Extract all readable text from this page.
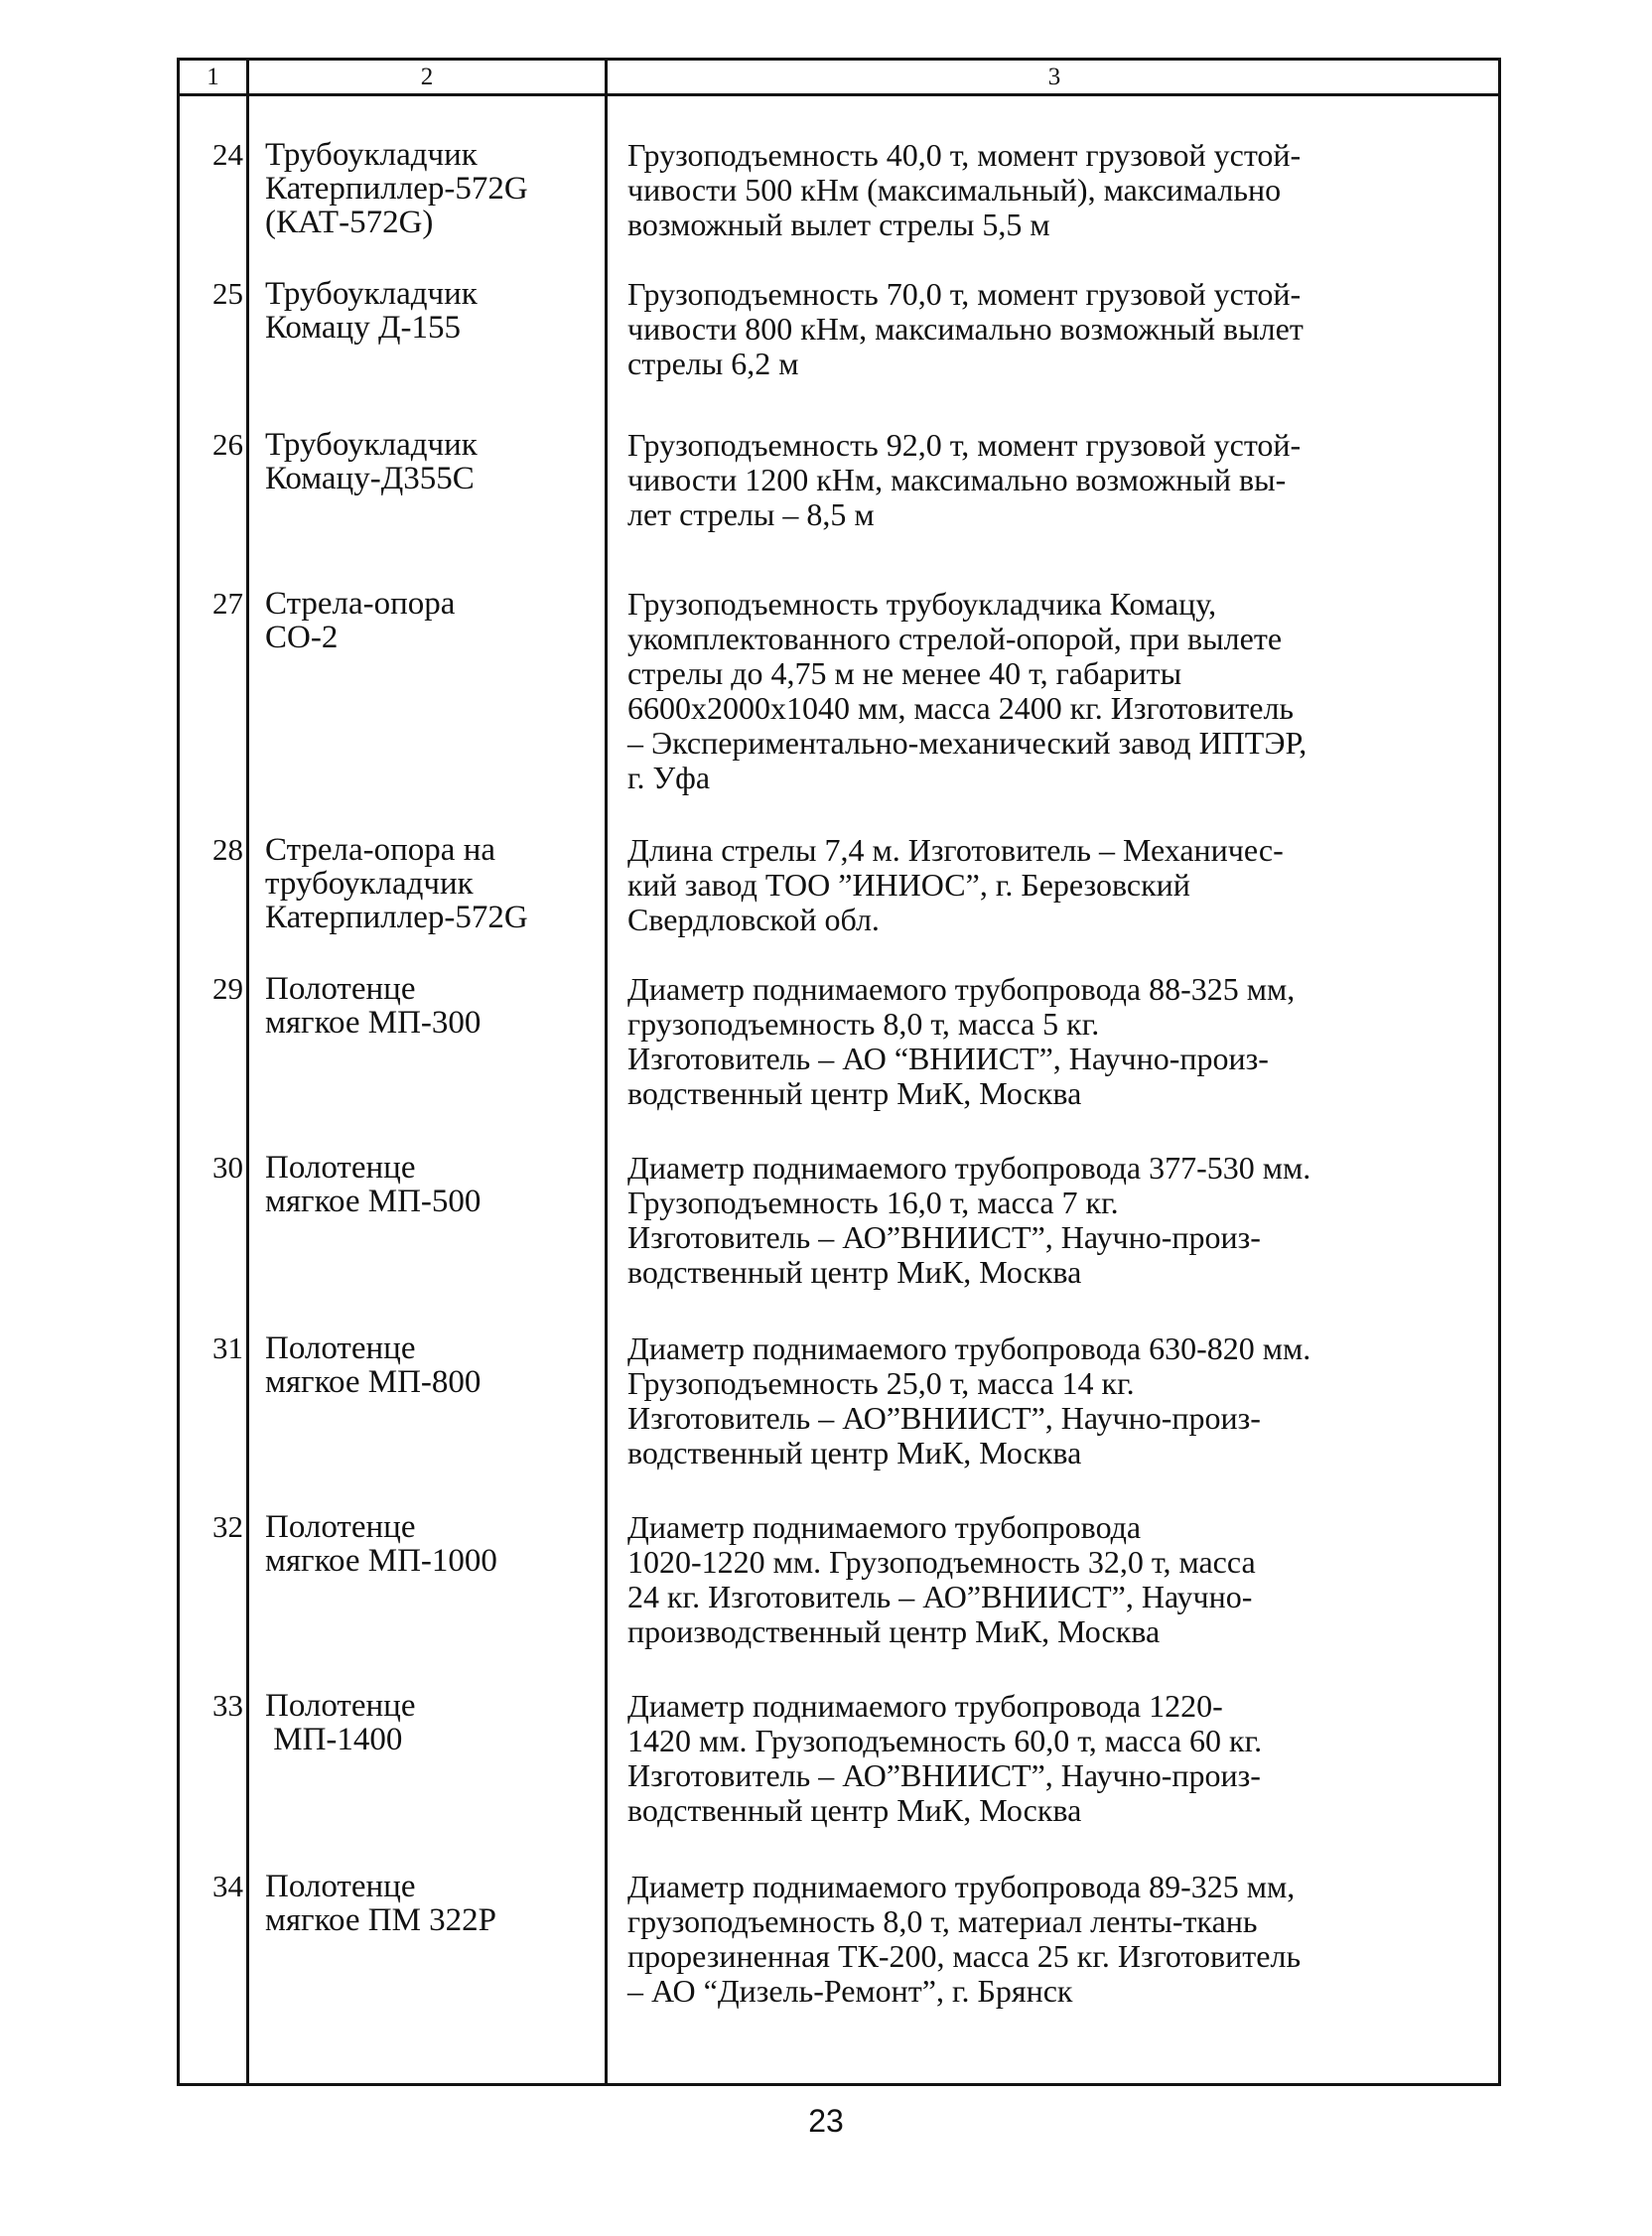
1	2	3
24 Трубоукладчик
Катерпиллер-572G
(КАТ-572G)
Грузоподъемность 40,0 т, момент грузовой устой-
чивости 500 кНм (максимальный), максимально
возможный вылет стрелы 5,5 м
25 Трубоукладчик
Комацу Д-155
Грузоподъемность 70,0 т, момент грузовой устой-
чивости 800 кНм, максимально возможный вылет
стрелы 6,2 м
26 Трубоукладчик
Комацу-Д355С
Грузоподъемность 92,0 т, момент грузовой устой-
чивости 1200 кНм, максимально возможный вы-
лет стрелы – 8,5 м
27 Стрела-опора
СО-2
Грузоподъемность трубоукладчика Комацу,
укомплектованного стрелой-опорой, при вылете
стрелы до 4,75 м не менее 40 т, габариты
6600х2000х1040 мм, масса 2400 кг. Изготовитель
– Экспериментально-механический завод ИПТЭР,
г. Уфа
28 Стрела-опора на
трубоукладчик
Катерпиллер-572G
Длина стрелы 7,4 м. Изготовитель – Механичес-
кий завод ТОО ”ИНИОС”, г. Березовский
Свердловской обл.
29 Полотенце
мягкое МП-300
Диаметр поднимаемого трубопровода 88-325 мм,
грузоподъемность 8,0 т, масса 5 кг.
Изготовитель – АО “ВНИИСТ”, Научно-произ-
водственный центр МиК, Москва
30 Полотенце
мягкое МП-500
Диаметр поднимаемого трубопровода 377-530 мм.
Грузоподъемность 16,0 т, масса 7 кг.
Изготовитель – АО”ВНИИСТ”, Научно-произ-
водственный центр МиК, Москва
31 Полотенце
мягкое МП-800
Диаметр поднимаемого трубопровода 630-820 мм.
Грузоподъемность 25,0 т, масса 14 кг.
Изготовитель – АО”ВНИИСТ”, Научно-произ-
водственный центр МиК, Москва
32 Полотенце
мягкое МП-1000
Диаметр поднимаемого трубопровода
1020-1220 мм. Грузоподъемность 32,0 т, масса
24 кг. Изготовитель – АО”ВНИИСТ”, Научно-
производственный центр МиК, Москва
33 Полотенце
МП-1400
Диаметр поднимаемого трубопровода 1220-
1420 мм. Грузоподъемность 60,0 т, масса 60 кг.
Изготовитель – АО”ВНИИСТ”, Научно-произ-
водственный центр МиК, Москва
34 Полотенце
мягкое ПМ 322Р
Диаметр поднимаемого трубопровода 89-325 мм,
грузоподъемность 8,0 т, материал ленты-ткань
прорезиненная ТК-200, масса 25 кг. Изготовитель
– АО “Дизель-Ремонт”, г. Брянск
23
